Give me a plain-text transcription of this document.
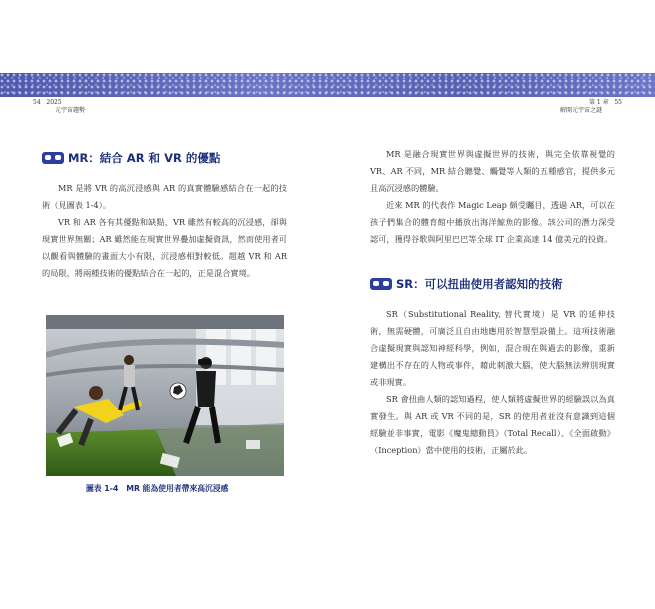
54 2025
元宇宙趨勢
第 1 章 55
解開元宇宙之謎
MR：結合 AR 和 VR 的優點

MR 是將 VR 的高沉浸感與 AR 的真實體驗感結合在一起的技術（見圖表 1-4）。

VR 和 AR 各有其優點和缺點，VR 雖然有較高的沉浸感，卻與現實世界無關；AR 雖然能在現實世界疊加虛擬資訊，然而使用者可以觀看與體驗的畫面大小有限，沉浸感相對較低。超越 VR 和 AR 的局限，將兩種技術的優點結合在一起的，正是混合實境。

圖表 1-4　MR 能為使用者帶來高沉浸感

MR 是融合現實世界與虛擬世界的技術，與完全依靠視覺的 VR、AR 不同，MR 結合聽覺、觸覺等人類的五種感官，提供多元且高沉浸感的體驗。

近來 MR 的代表作 Magic Leap 頗受矚目，透過 AR，可以在孩子們集合的體育館中播放出海洋鯨魚的影像。該公司的潛力深受認可，獲得谷歌與阿里巴巴等全球 IT 企業高達 14 億美元的投資。

SR：可以扭曲使用者認知的技術

SR（Substitutional Reality, 替代實境）是 VR 的延伸技術，無需硬體，可廣泛且自由地應用於智慧型設備上。這項技術融合虛擬現實與認知神經科學，例如，混合現在與過去的影像，重新建構出不存在的人物或事件，藉此刺激大腦，使大腦無法辨別現實或非現實。

SR 會扭曲人類的認知過程，使人類將虛擬世界的經驗誤以為真實發生。與 AR 或 VR 不同的是，SR 的使用者並沒有意識到這個經驗並非事實，電影《魔鬼總動員》（Total Recall）、《全面啟動》（Inception）當中使用的技術，正屬於此。
